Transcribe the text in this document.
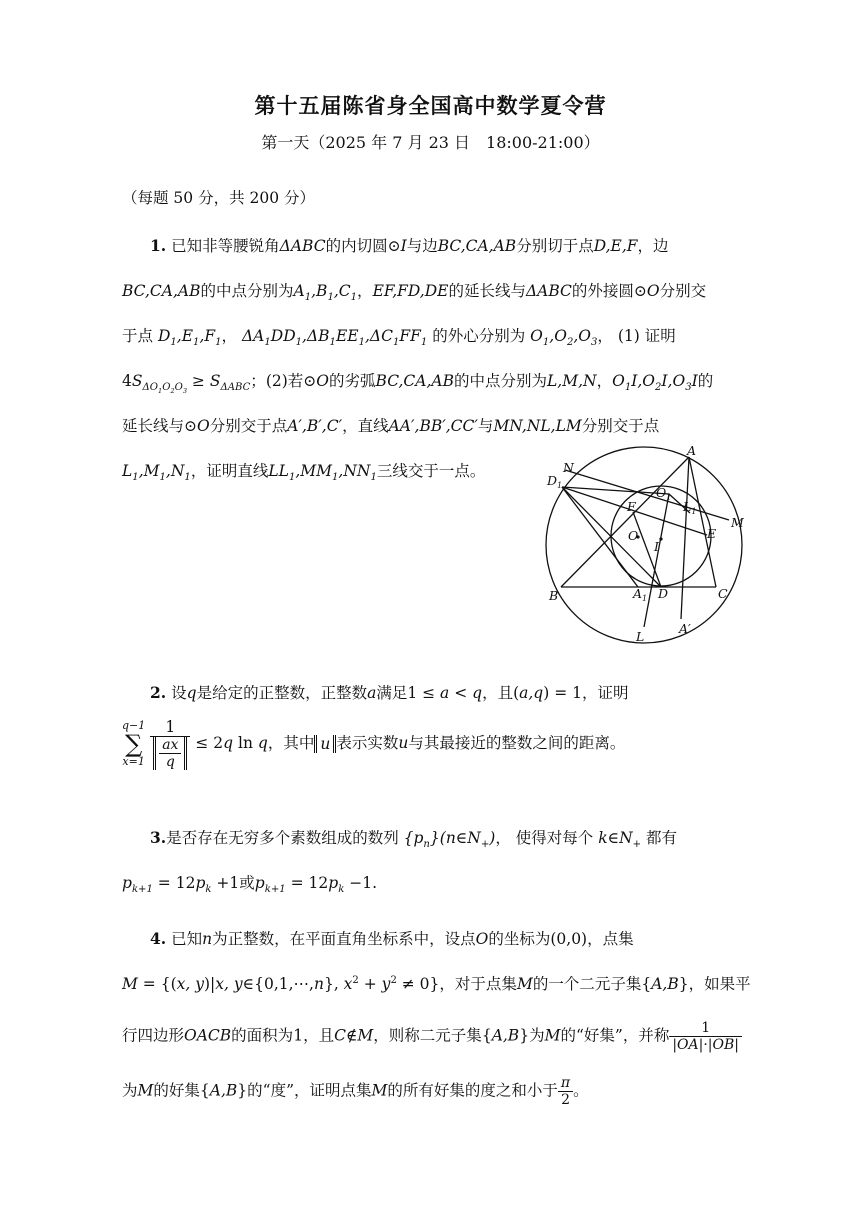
第十五届陈省身全国高中数学夏令营
第一天（2025 年 7 月 23 日　18:00-21:00）
（每题 50 分，共 200 分）
1. 已知非等腰锐角ΔABC的内切圆⊙I与边BC,CA,AB分别切于点D,E,F，边
BC,CA,AB的中点分别为$A_1,B_1,C_1$，EF,FD,DE的延长线与ΔABC的外接圆⊙O分别交
于点 $D_1,E_1,F_1$， $\Delta A_1DD_1,\Delta B_1EE_1,\Delta C_1FF_1$ 的外心分别为 $O_1,O_2,O_3$， (1) 证明
$4S_{\Delta O_1O_2O_3} \ge S_{\Delta ABC}$；(2)若⊙O的劣弧BC,CA,AB的中点分别为L,M,N，$O_1I,O_2I,O_3I$的
延长线与⊙O分别交于点A′,B′,C′，直线AA′,BB′,CC′与MN,NL,LM分别交于点
$L_1,M_1,N_1$，证明直线$LL_1,MM_1,NN_1$三线交于一点。
A
B	C
D
E
F
N
M
L
I
O
A′
$D_1$	$O_1$
$L_1$
$A_1$
2. 设q是给定的正整数，正整数a满足1 ≤ a < q，且(a,q) = 1，证明
q−1
∑
x=1
$\frac{1}{\frac{ax}{q}} \le 2q$ ln q，其中 u 表示实数u与其最接近的整数之间的距离。
3.是否存在无穷多个素数组成的数列 $\{p_n\}(n\in N_+)$， 使得对每个 $k\in N_+$ 都有
$p_{k+1} = 12p_k +1$或$p_{k+1} = 12p_k -1$.
4. 已知n为正整数，在平面直角坐标系中，设点O的坐标为(0,0)，点集
M = {(x, y)|x, y∈{0,1,⋯,n}, $x^2 + y^2 \ne 0$}，对于点集M的一个二元子集{A,B}，如果平
行四边形OACB的面积为1，且C∉M，则称二元子集{A,B}为M的“好集”，并称 $\frac{1}{|OA|\cdot|OB|}$
为M的好集{A,B}的“度”，证明点集M的所有好集的度之和小于 $\frac{\pi}{2}$ 。
